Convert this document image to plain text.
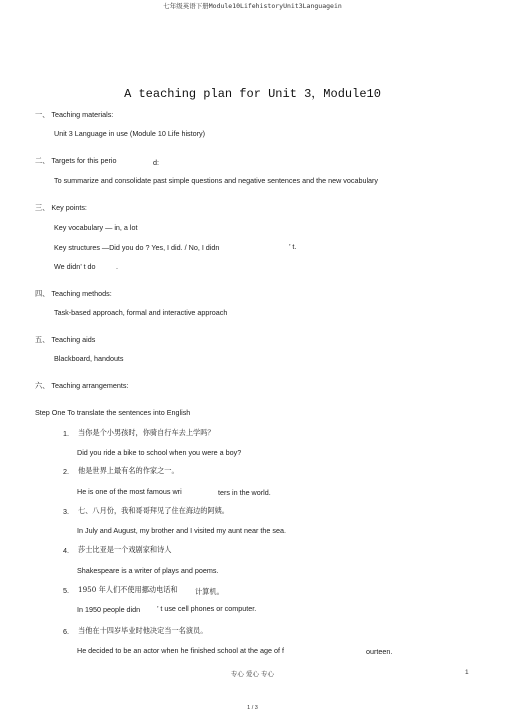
七年级英语下册Module10LifehistoryUnit3Languagein
A teaching plan for Unit 3，Module10
一、 Teaching materials:
Unit 3 Language in use (Module 10 Life history)
二、 Targets for this perio	d:
To summarize and consolidate past simple questions and negative sentences and the new vocabulary
三、 Key points:
Key vocabulary — in, a lot
Key structures —Did you do ? Yes, I did. / No, I didn	’ t.
We didn’ t do	.
四、 Teaching methods:
Task-based approach, formal and interactive approach
五、 Teaching aids
Blackboard, handouts
六、 Teaching arrangements:
Step One To translate the sentences into English
1. 当你是个小男孩时，你骑自行车去上学吗？
Did you ride a bike to school when you were a boy?
2. 他是世界上最有名的作家之一。
He is one of the most famous wri	ters in the world.
3. 七、八月份，我和哥哥拜见了住在海边的阿姨。
In July and August, my brother and I visited my aunt near the sea.
4. 莎士比亚是一个戏剧家和诗人
Shakespeare is a writer of plays and poems.
5. 1950 年人们不使用挪动电话和 计算机。
In 1950 people didn ’ t use cell phones or computer.
6. 当他在十四岁毕业时他决定当一名演员。
He decided to be an actor when he finished school at the age of f	ourteen.
专心 爱心 专心	1
1 / 3
